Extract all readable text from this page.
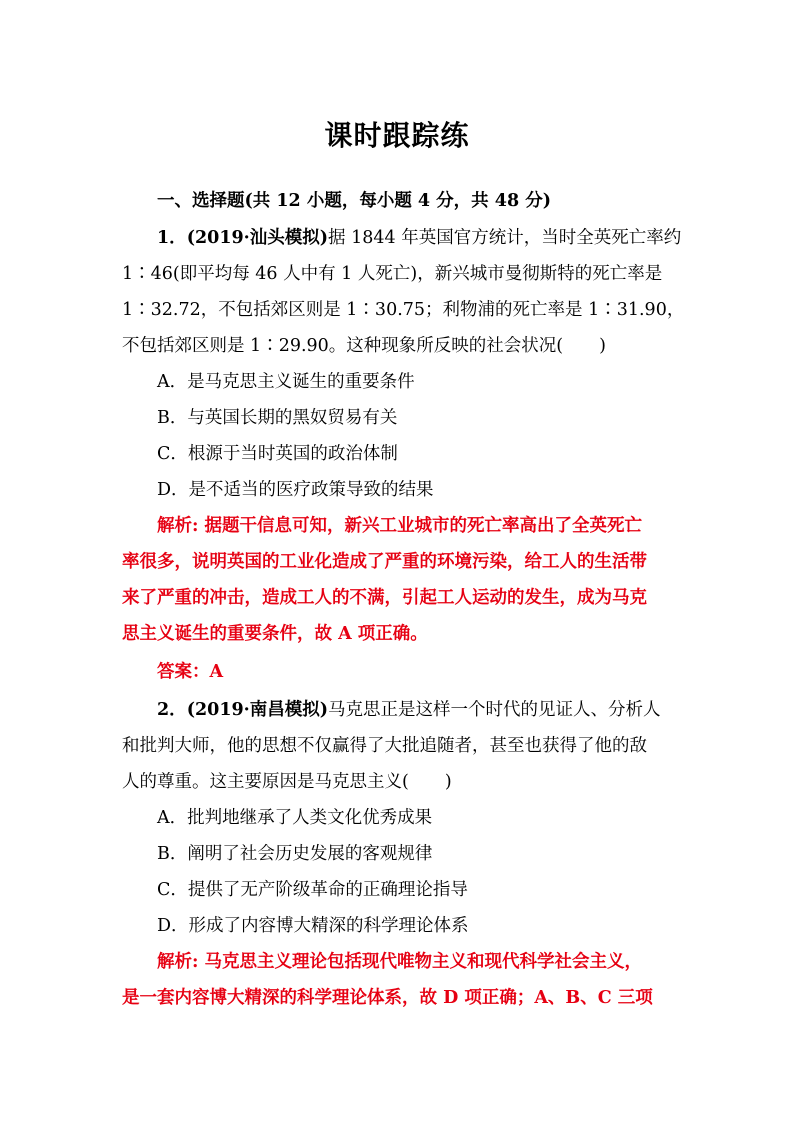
课时跟踪练
一、选择题(共 12 小题，每小题 4 分，共 48 分)
1．(2019·汕头模拟)据 1844 年英国官方统计，当时全英死亡率约
1∶46(即平均每 46 人中有 1 人死亡)，新兴城市曼彻斯特的死亡率是
1∶32.72，不包括郊区则是 1∶30.75；利物浦的死亡率是 1∶31.90，
不包括郊区则是 1∶29.90。这种现象所反映的社会状况( )
A．是马克思主义诞生的重要条件
B．与英国长期的黑奴贸易有关
C．根源于当时英国的政治体制
D．是不适当的医疗政策导致的结果
解析: 据题干信息可知，新兴工业城市的死亡率高出了全英死亡
率很多，说明英国的工业化造成了严重的环境污染，给工人的生活带
来了严重的冲击，造成工人的不满，引起工人运动的发生，成为马克
思主义诞生的重要条件，故 A 项正确。
答案：A
2．(2019·南昌模拟)马克思正是这样一个时代的见证人、分析人
和批判大师，他的思想不仅赢得了大批追随者，甚至也获得了他的敌
人的尊重。这主要原因是马克思主义( )
A．批判地继承了人类文化优秀成果
B．阐明了社会历史发展的客观规律
C．提供了无产阶级革命的正确理论指导
D．形成了内容博大精深的科学理论体系
解析: 马克思主义理论包括现代唯物主义和现代科学社会主义，
是一套内容博大精深的科学理论体系，故 D 项正确；A、B、C 三项
